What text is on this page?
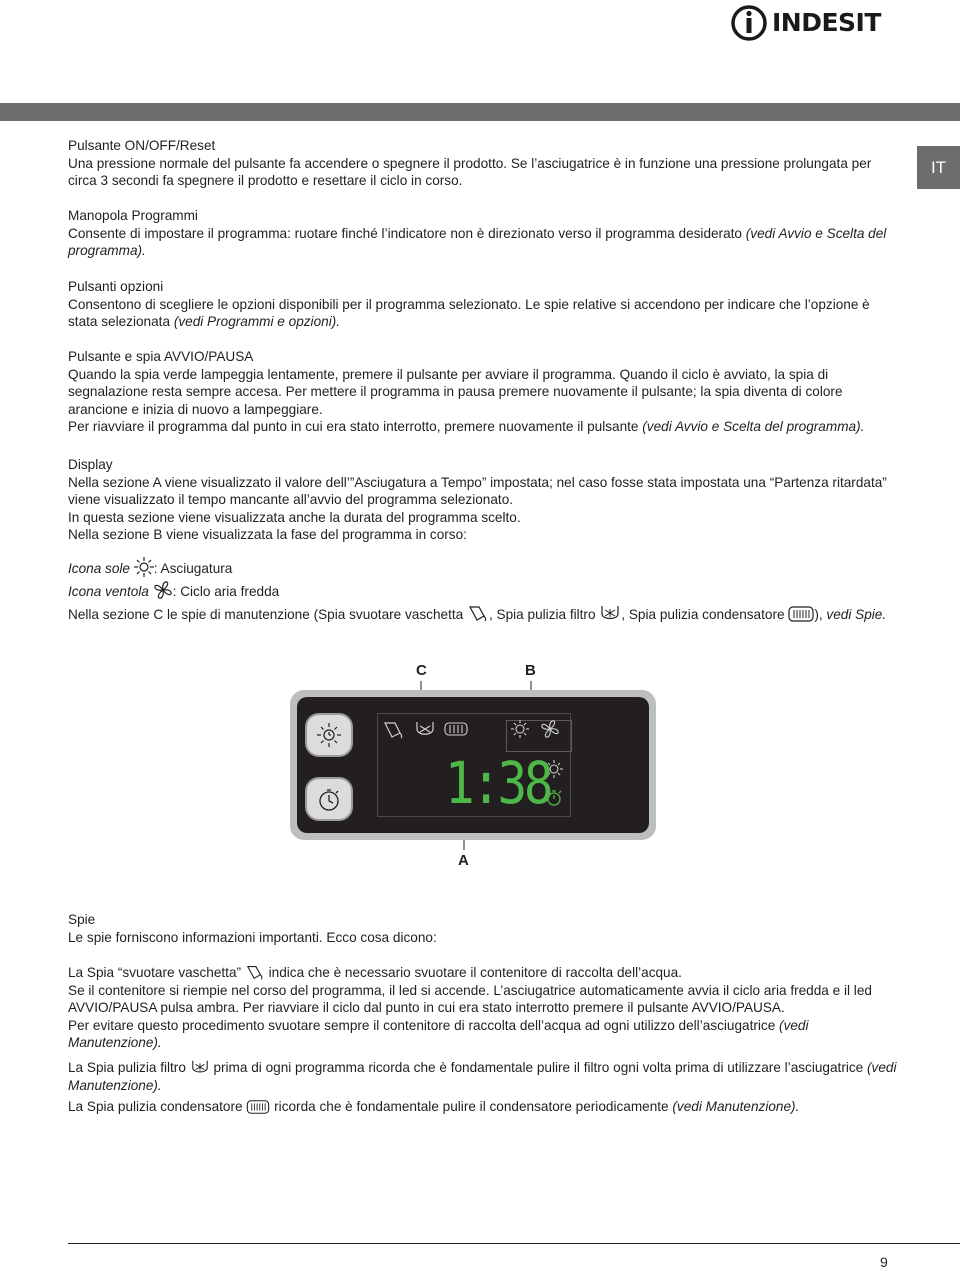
INDESIT
IT

Pulsante ON/OFF/Reset
Una pressione normale del pulsante fa accendere o spegnere il prodotto. Se l’asciugatrice è in funzione una pressione prolungata per circa 3 secondi fa spegnere il prodotto e resettare il ciclo in corso.

Manopola Programmi
Consente di impostare il programma: ruotare finché l’indicatore non è direzionato verso il programma desiderato (vedi Avvio e Scelta del programma).

Pulsanti opzioni
Consentono di scegliere le opzioni disponibili per il programma selezionato. Le spie relative si accendono per indicare che l’opzione è stata selezionata (vedi Programmi e opzioni).

Pulsante e spia AVVIO/PAUSA
Quando la spia verde lampeggia lentamente, premere il pulsante per avviare il programma. Quando il ciclo è avviato, la spia di segnalazione resta sempre accesa. Per mettere il programma in pausa premere nuovamente il pulsante; la spia diventa di colore arancione e inizia di nuovo a lampeggiare.
Per riavviare il programma dal punto in cui era stato interrotto, premere nuovamente il pulsante (vedi Avvio e Scelta del programma).

Display
Nella sezione A viene visualizzato il valore dell’”Asciugatura a Tempo” impostata; nel caso fosse stata impostata una “Partenza ritardata” viene visualizzato il tempo mancante all’avvio del programma selezionato.
In questa sezione viene visualizzata anche la durata del programma scelto.
Nella sezione B viene visualizzata la fase del programma in corso:

Icona sole : Asciugatura

Icona ventola : Ciclo aria fredda

Nella sezione C le spie di manutenzione (Spia svuotare vaschetta , Spia pulizia filtro , Spia pulizia condensatore ), vedi Spie.

C	B
A
1:38

Spie
Le spie forniscono informazioni importanti. Ecco cosa dicono:

La Spia “svuotare vaschetta” indica che è necessario svuotare il contenitore di raccolta dell’acqua.
Se il contenitore si riempie nel corso del programma, il led si accende. L’asciugatrice automaticamente avvia il ciclo aria fredda e il led AVVIO/PAUSA pulsa ambra. Per riavviare il ciclo dal punto in cui era stato interrotto premere il pulsante AVVIO/PAUSA.
Per evitare questo procedimento svuotare sempre il contenitore di raccolta dell’acqua ad ogni utilizzo dell’asciugatrice (vedi Manutenzione).

La Spia pulizia filtro prima di ogni programma ricorda che è fondamentale pulire il filtro ogni volta prima di utilizzare l’asciugatrice (vedi Manutenzione).

La Spia pulizia condensatore ricorda che è fondamentale pulire il condensatore periodicamente (vedi Manutenzione).

9
